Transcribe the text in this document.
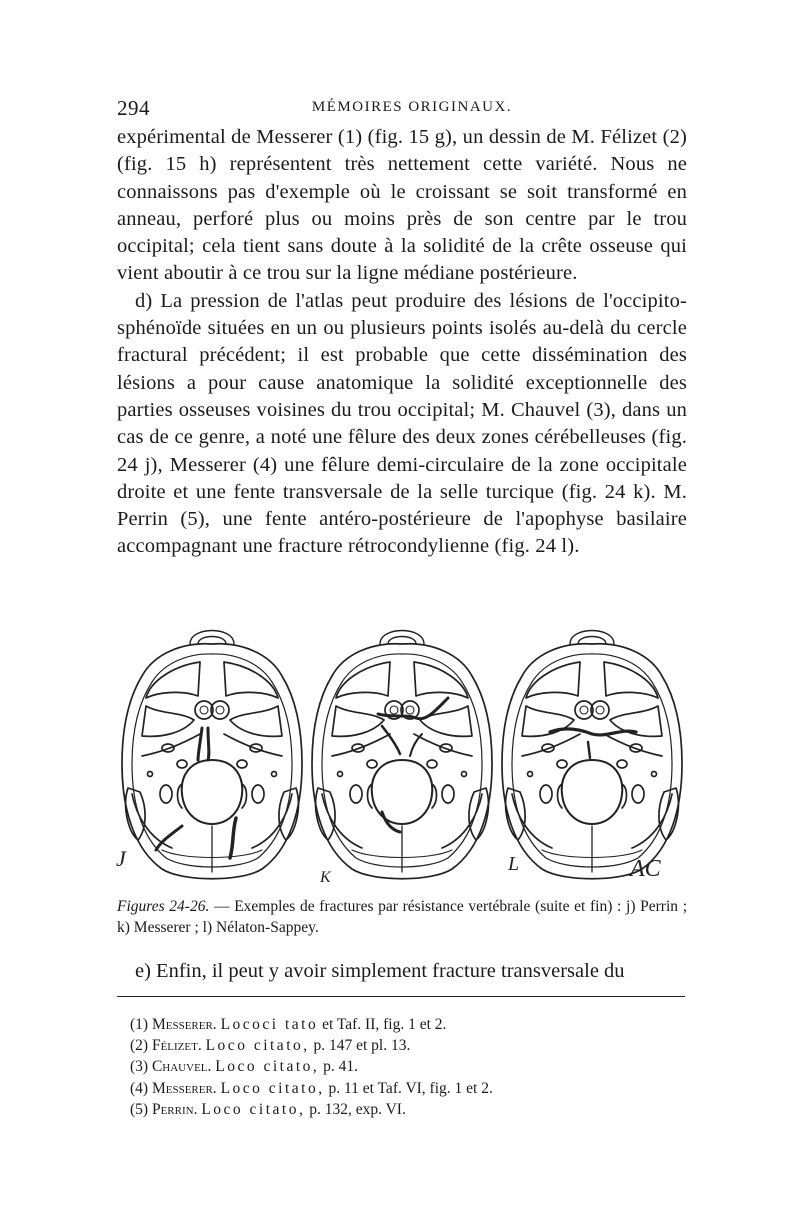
294	MÉMOIRES ORIGINAUX.

expérimental de Messerer (1) (fig. 15 g), un dessin de M. Félizet (2) (fig. 15 h) représentent très nettement cette variété. Nous ne connaissons pas d'exemple où le croissant se soit transformé en anneau, perforé plus ou moins près de son centre par le trou occipital; cela tient sans doute à la solidité de la crête osseuse qui vient aboutir à ce trou sur la ligne médiane postérieure.

d) La pression de l'atlas peut produire des lésions de l'occipito-sphénoïde situées en un ou plusieurs points isolés au-delà du cercle fractural précédent; il est probable que cette dissémination des lésions a pour cause anatomique la solidité exceptionnelle des parties osseuses voisines du trou occipital; M. Chauvel (3), dans un cas de ce genre, a noté une fêlure des deux zones cérébelleuses (fig. 24 j), Messerer (4) une fêlure demi-circulaire de la zone occipitale droite et une fente transversale de la selle turcique (fig. 24 k). M. Perrin (5), une fente antéro-postérieure de l'apophyse basilaire accompagnant une fracture rétrocondylienne (fig. 24 l).

J
K
L	AC
Figures 24-26. — Exemples de fractures par résistance vertébrale (suite et fin) : j) Perrin ; k) Messerer ; l) Nélaton-Sappey.
e) Enfin, il peut y avoir simplement fracture transversale du
(1) Messerer. Lococi tato et Taf. II, fig. 1 et 2.
(2) Félizet. Loco citato, p. 147 et pl. 13.
(3) Chauvel. Loco citato, p. 41.
(4) Messerer. Loco citato, p. 11 et Taf. VI, fig. 1 et 2.
(5) Perrin. Loco citato, p. 132, exp. VI.
